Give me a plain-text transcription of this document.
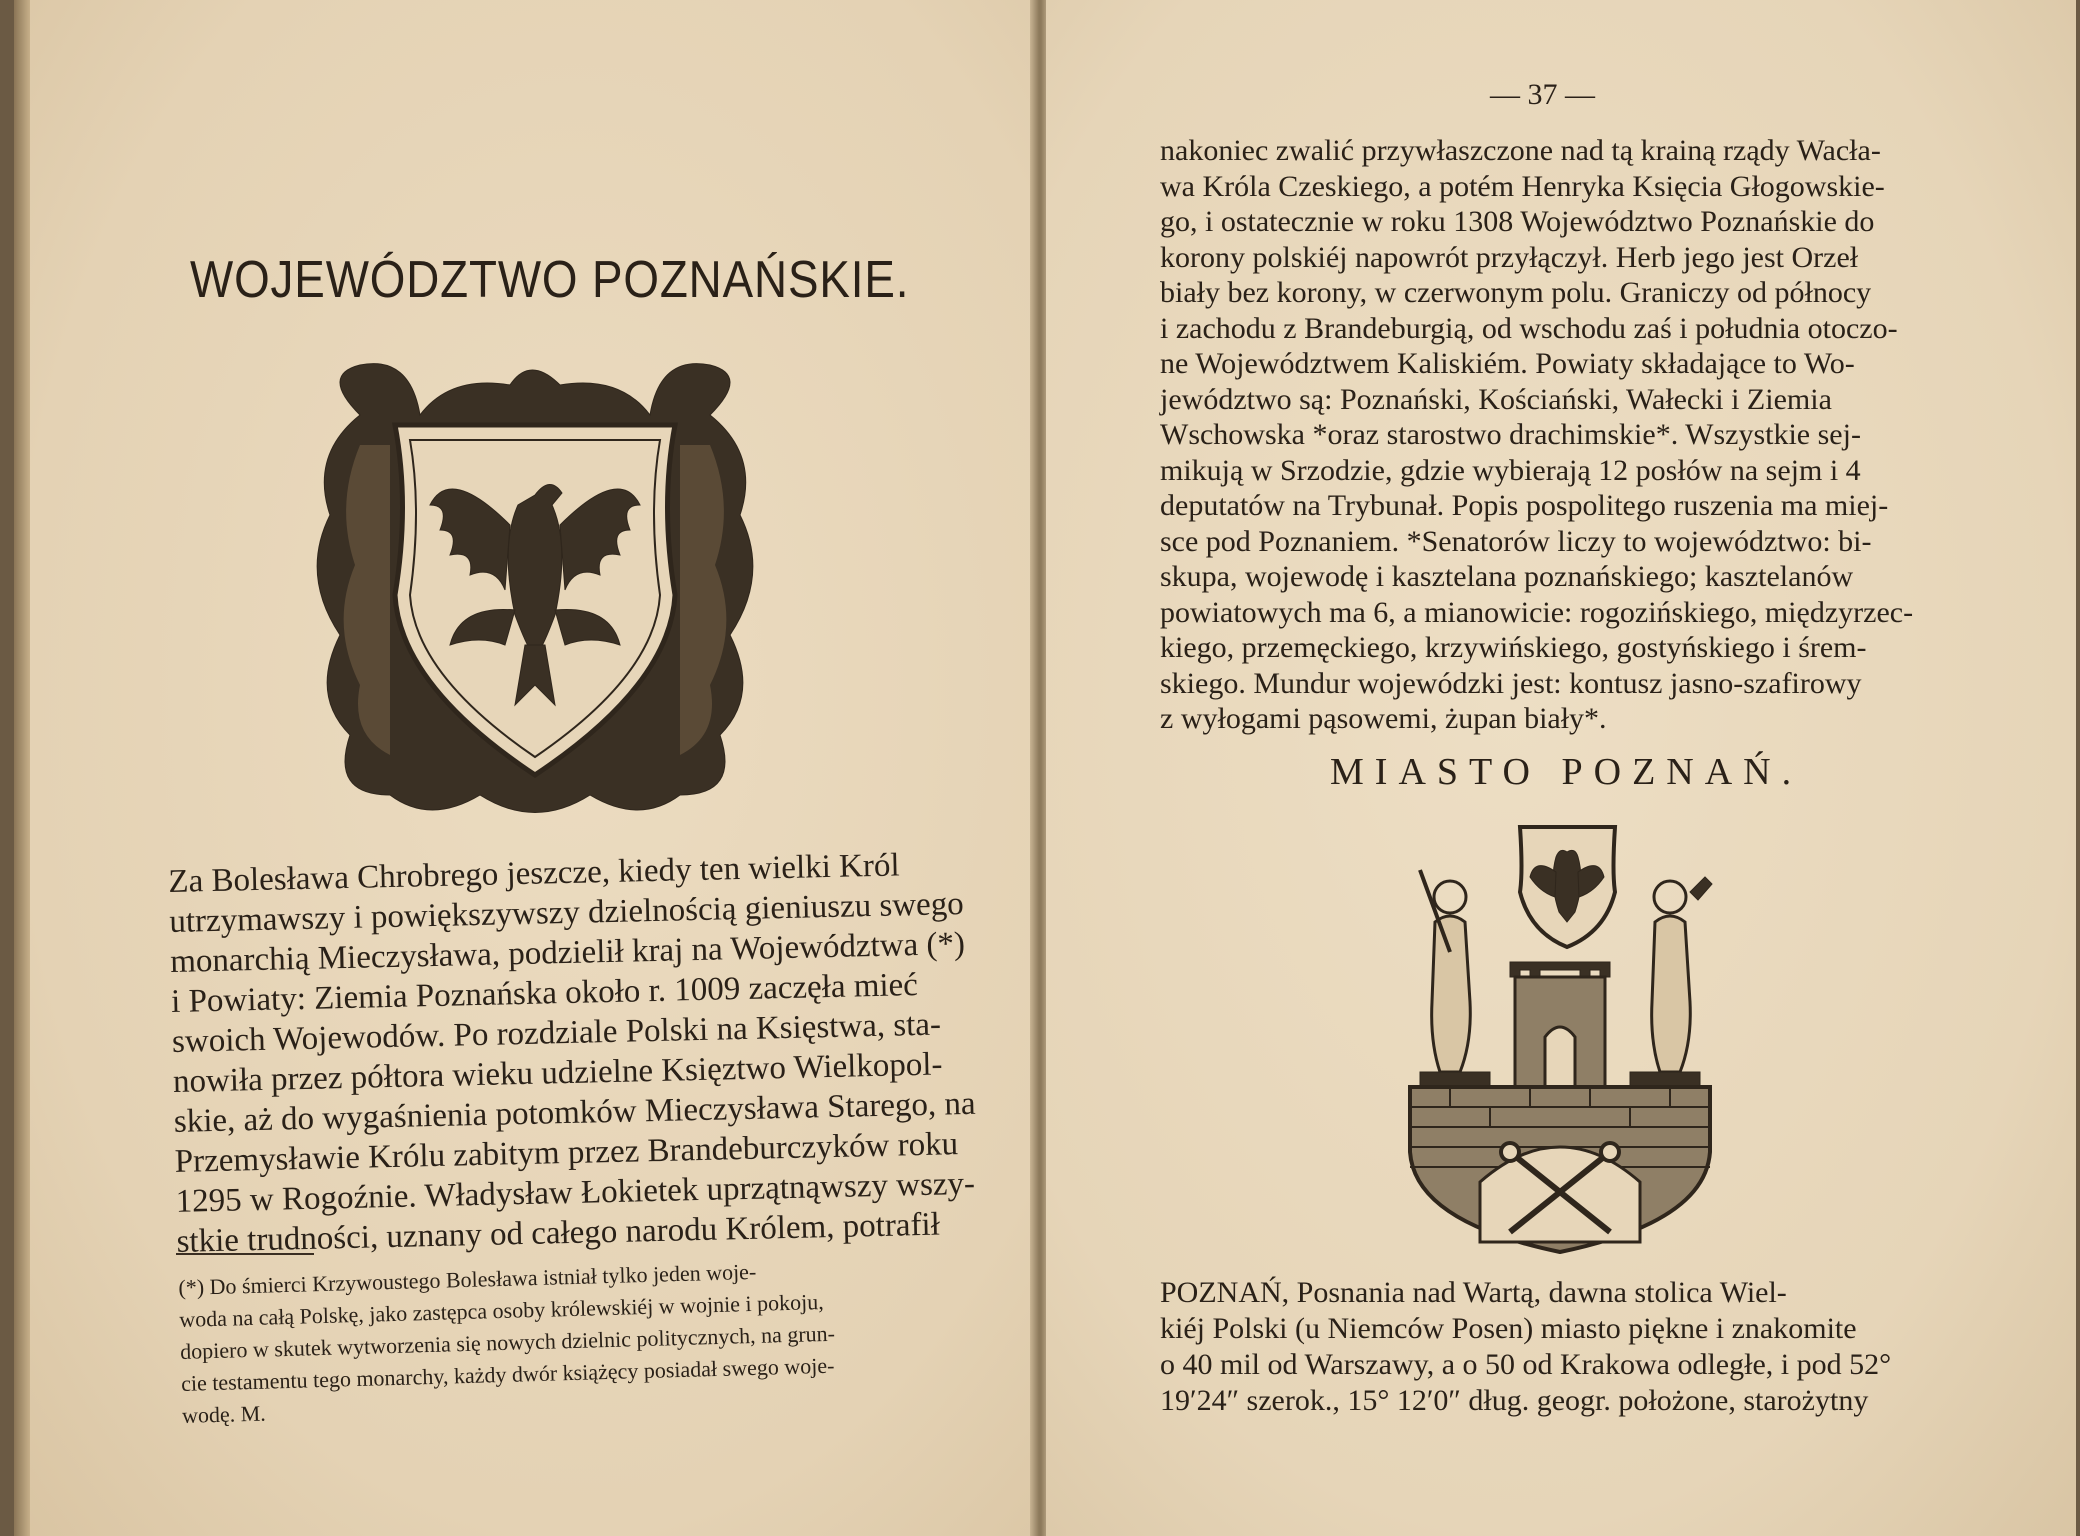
WOJEWÓDZTWO POZNAŃSKIE.
Za Bolesława Chrobrego jeszcze, kiedy ten wielki Król
utrzymawszy i powiększywszy dzielnością gieniuszu swego
monarchią Mieczysława, podzielił kraj na Województwa (*)
i Powiaty: Ziemia Poznańska około r. 1009 zaczęła mieć
swoich Wojewodów. Po rozdziale Polski na Księstwa, sta-
nowiła przez półtora wieku udzielne Księztwo Wielkopol-
skie, aż do wygaśnienia potomków Mieczysława Starego, na
Przemysławie Królu zabitym przez Brandeburczyków roku
1295 w Rogoźnie. Władysław Łokietek uprzątnąwszy wszy-
stkie trudności, uznany od całego narodu Królem, potrafił
(*) Do śmierci Krzywoustego Bolesława istniał tylko jeden woje-
woda na całą Polskę, jako zastępca osoby królewskiéj w wojnie i pokoju,
dopiero w skutek wytworzenia się nowych dzielnic politycznych, na grun-
cie testamentu tego monarchy, każdy dwór książęcy posiadał swego woje-
wodę. M.
— 37 —
nakoniec zwalić przywłaszczone nad tą krainą rządy Wacła-
wa Króla Czeskiego, a potém Henryka Księcia Głogowskie-
go, i ostatecznie w roku 1308 Województwo Poznańskie do
korony polskiéj napowrót przyłączył. Herb jego jest Orzeł
biały bez korony, w czerwonym polu. Graniczy od północy
i zachodu z Brandeburgią, od wschodu zaś i południa otoczo-
ne Województwem Kaliskiém. Powiaty składające to Wo-
jewództwo są: Poznański, Kościański, Wałecki i Ziemia
Wschowska *oraz starostwo drachimskie*. Wszystkie sej-
mikują w Srzodzie, gdzie wybierają 12 posłów na sejm i 4
deputatów na Trybunał. Popis pospolitego ruszenia ma miej-
sce pod Poznaniem. *Senatorów liczy to województwo: bi-
skupa, wojewodę i kasztelana poznańskiego; kasztelanów
powiatowych ma 6, a mianowicie: rogozińskiego, międzyrzec-
kiego, przemęckiego, krzywińskiego, gostyńskiego i śrem-
skiego. Mundur wojewódzki jest: kontusz jasno-szafirowy
z wyłogami pąsowemi, żupan biały*.
MIASTO POZNAŃ.
POZNAŃ, Posnania nad Wartą, dawna stolica Wiel-
kiéj Polski (u Niemców Posen) miasto piękne i znakomite
o 40 mil od Warszawy, a o 50 od Krakowa odległe, i pod 52°
19′24″ szerok., 15° 12′0″ dług. geogr. położone, starożytny
